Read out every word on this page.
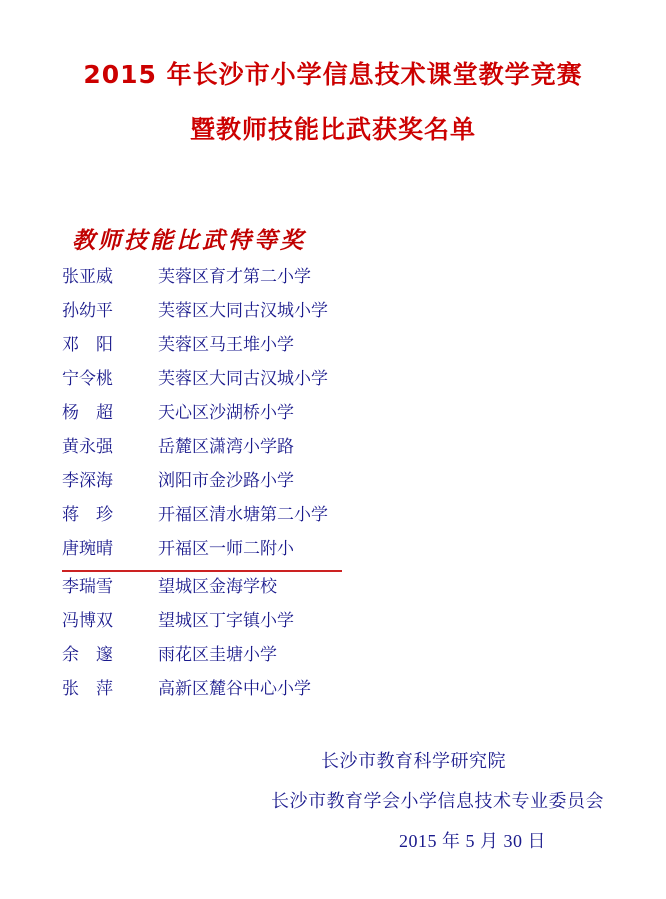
2015 年长沙市小学信息技术课堂教学竞赛
暨教师技能比武获奖名单
教师技能比武特等奖
张亚威	芙蓉区育才第二小学
孙幼平	芙蓉区大同古汉城小学
邓　阳	芙蓉区马王堆小学
宁令桃	芙蓉区大同古汉城小学
杨　超	天心区沙湖桥小学
黄永强	岳麓区潇湾小学路
李深海	浏阳市金沙路小学
蒋　珍	开福区清水塘第二小学
唐琬晴	开福区一师二附小
李瑞雪	望城区金海学校
冯博双	望城区丁字镇小学
余　邃	雨花区圭塘小学
张　萍	高新区麓谷中心小学
长沙市教育科学研究院
长沙市教育学会小学信息技术专业委员会
2015 年 5 月 30 日
